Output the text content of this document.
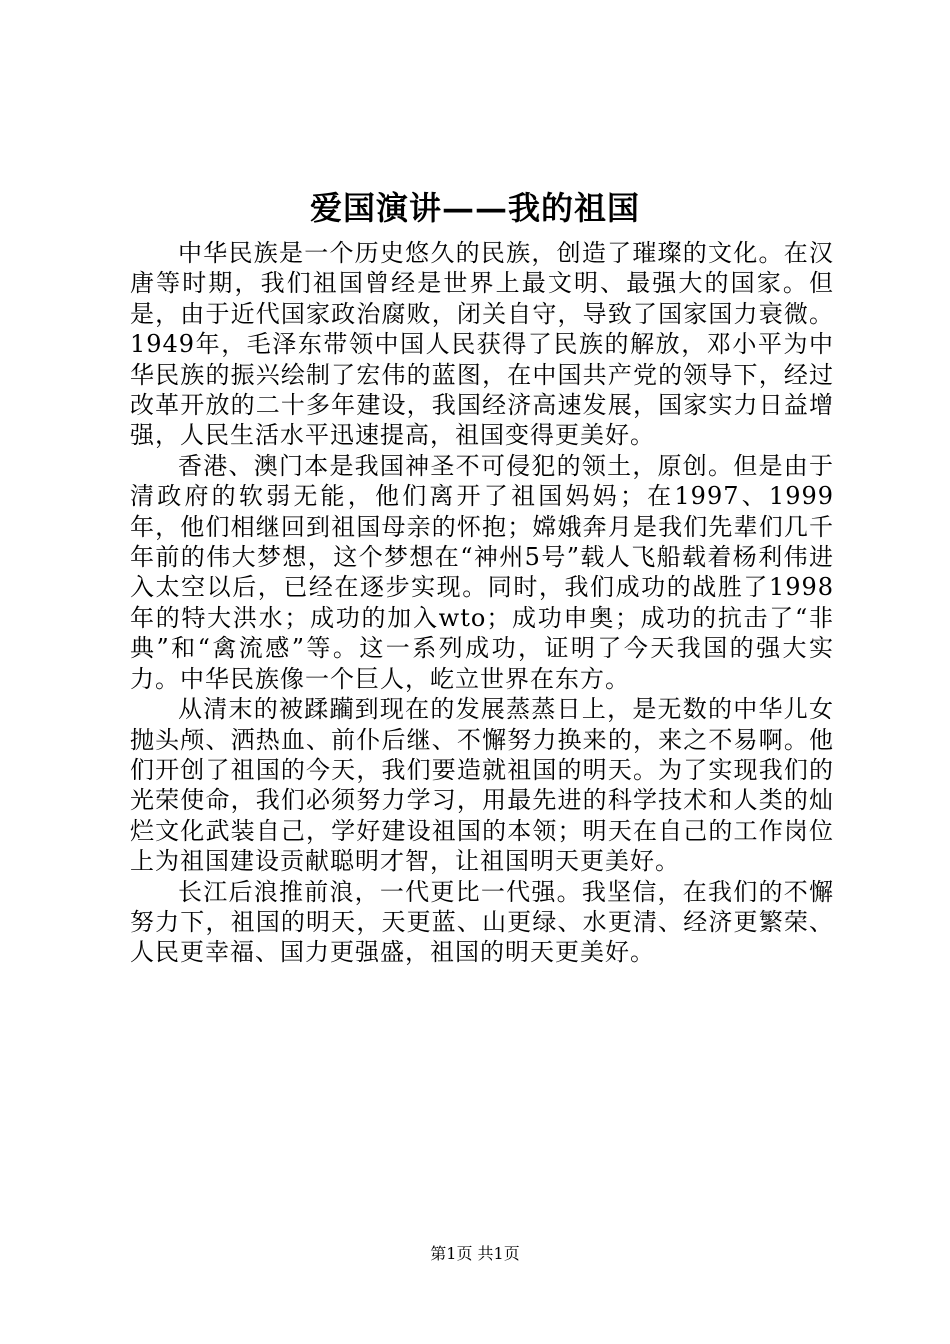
爱国演讲——我的祖国

中华民族是一个历史悠久的民族，创造了璀璨的文化。在汉唐等时期，我们祖国曾经是世界上最文明、最强大的国家。但是，由于近代国家政治腐败，闭关自守，导致了国家国力衰微。1949年，毛泽东带领中国人民获得了民族的解放，邓小平为中华民族的振兴绘制了宏伟的蓝图，在中国共产党的领导下，经过改革开放的二十多年建设，我国经济高速发展，国家实力日益增强，人民生活水平迅速提高，祖国变得更美好。

香港、澳门本是我国神圣不可侵犯的领土，原创。但是由于清政府的软弱无能，他们离开了祖国妈妈；在1997、1999年，他们相继回到祖国母亲的怀抱；嫦娥奔月是我们先辈们几千年前的伟大梦想，这个梦想在“神州5号”载人飞船载着杨利伟进入太空以后，已经在逐步实现。同时，我们成功的战胜了1998年的特大洪水；成功的加入wto；成功申奥；成功的抗击了“非典”和“禽流感”等。这一系列成功，证明了今天我国的强大实力。中华民族像一个巨人，屹立世界在东方。

从清末的被蹂躏到现在的发展蒸蒸日上，是无数的中华儿女抛头颅、洒热血、前仆后继、不懈努力换来的，来之不易啊。他们开创了祖国的今天，我们要造就祖国的明天。为了实现我们的光荣使命，我们必须努力学习，用最先进的科学技术和人类的灿烂文化武装自己，学好建设祖国的本领；明天在自己的工作岗位上为祖国建设贡献聪明才智，让祖国明天更美好。

长江后浪推前浪，一代更比一代强。我坚信，在我们的不懈努力下，祖国的明天，天更蓝、山更绿、水更清、经济更繁荣、人民更幸福、国力更强盛，祖国的明天更美好。

第1页 共1页
